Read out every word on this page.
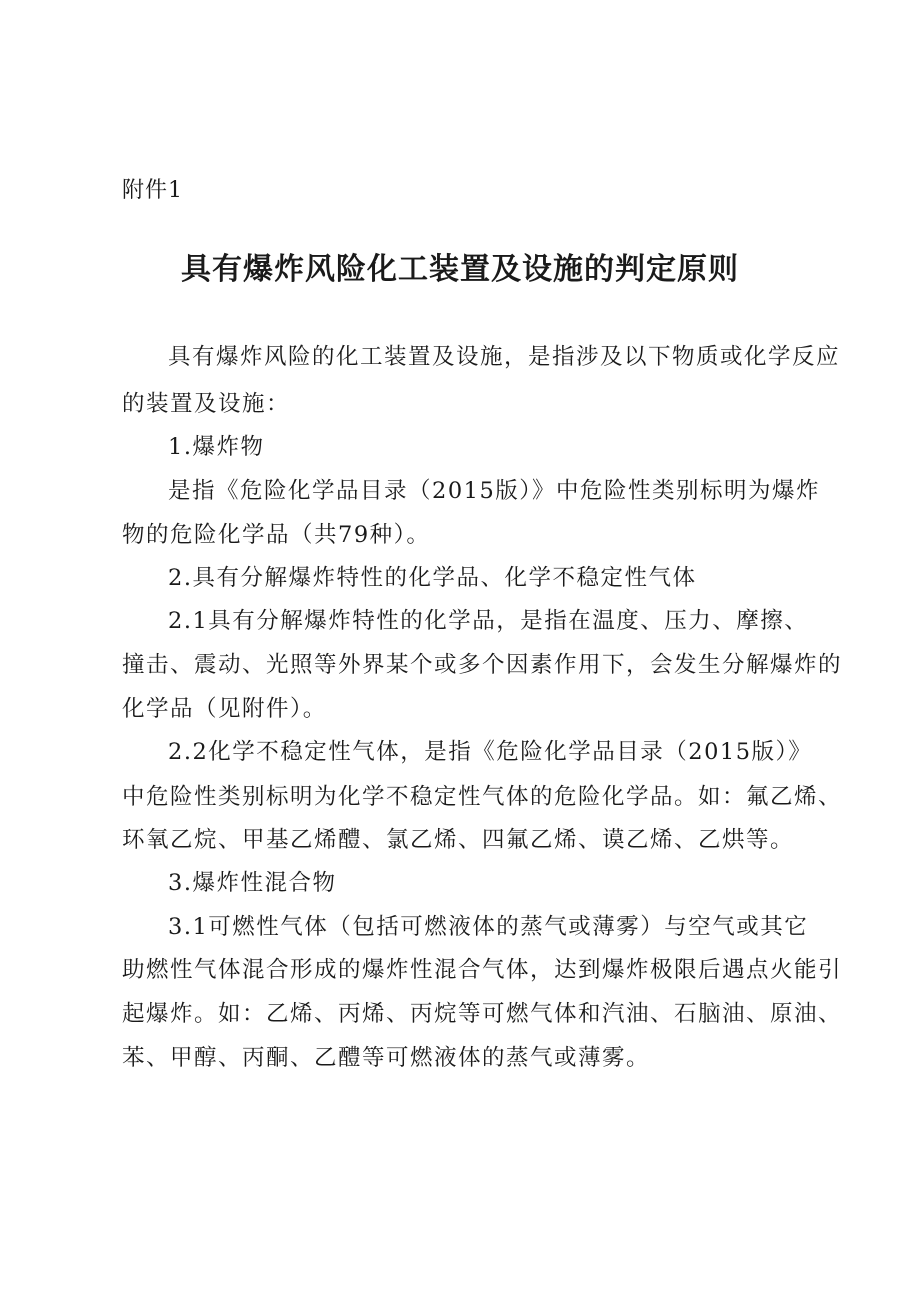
附件1
具有爆炸风险化工装置及设施的判定原则
具有爆炸风险的化工装置及设施，是指涉及以下物质或化学反应
的装置及设施：
1.爆炸物
是指《危险化学品目录（2015版）》中危险性类别标明为爆炸
物的危险化学品（共79种）。
2.具有分解爆炸特性的化学品、化学不稳定性气体
2.1具有分解爆炸特性的化学品，是指在温度、压力、摩擦、
撞击、震动、光照等外界某个或多个因素作用下，会发生分解爆炸的
化学品（见附件）。
2.2化学不稳定性气体，是指《危险化学品目录（2015版）》
中危险性类别标明为化学不稳定性气体的危险化学品。如：氟乙烯、
环氧乙烷、甲基乙烯醴、氯乙烯、四氟乙烯、谟乙烯、乙烘等。
3.爆炸性混合物
3.1可燃性气体（包括可燃液体的蒸气或薄雾）与空气或其它
助燃性气体混合形成的爆炸性混合气体，达到爆炸极限后遇点火能引
起爆炸。如：乙烯、丙烯、丙烷等可燃气体和汽油、石脑油、原油、
苯、甲醇、丙酮、乙醴等可燃液体的蒸气或薄雾。
